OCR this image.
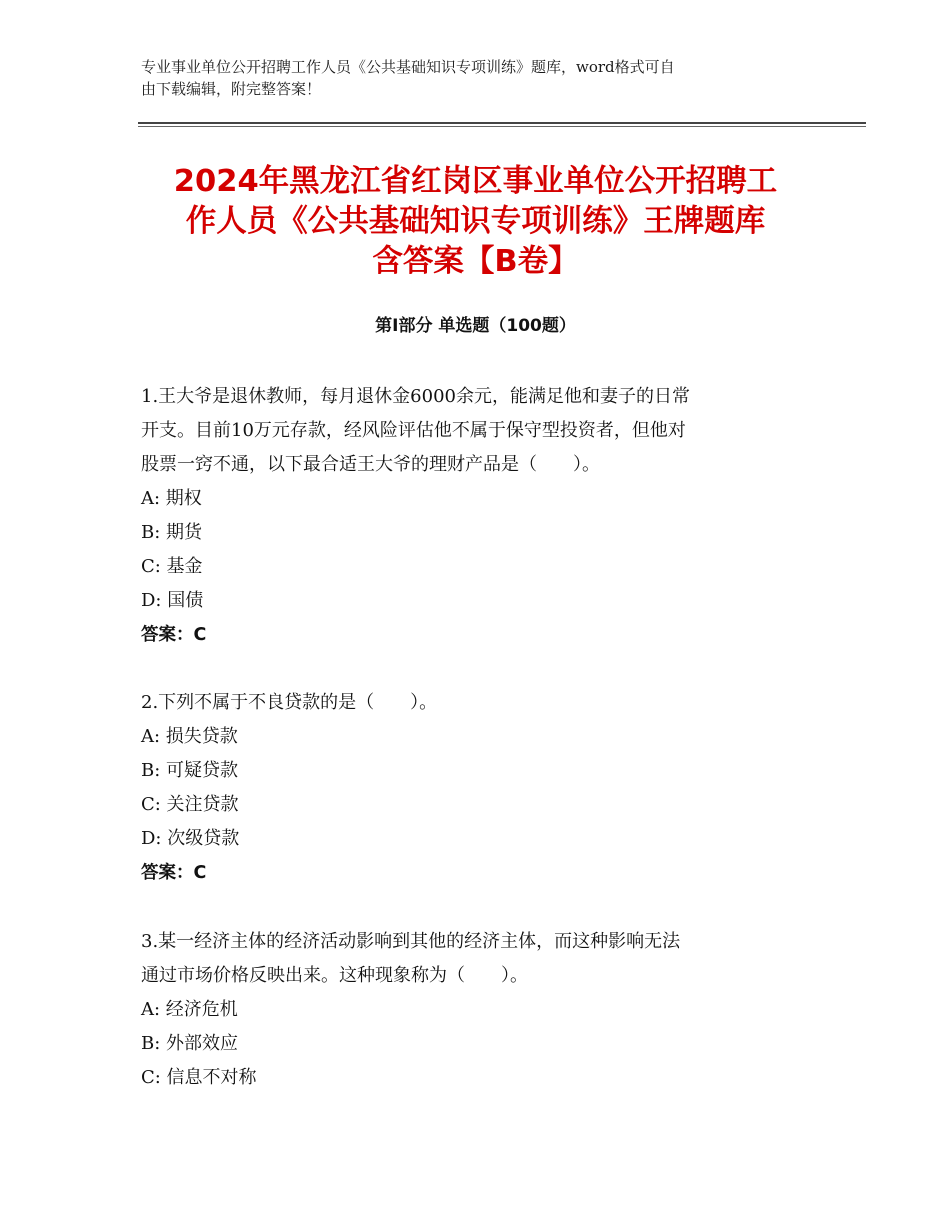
专业事业单位公开招聘工作人员《公共基础知识专项训练》题库，word格式可自
由下载编辑，附完整答案！
2024年黑龙江省红岗区事业单位公开招聘工
作人员《公共基础知识专项训练》王牌题库
含答案【B卷】
第Ⅰ部分 单选题（100题）
1.王大爷是退休教师，每月退休金6000余元，能满足他和妻子的日常
开支。目前10万元存款，经风险评估他不属于保守型投资者，但他对
股票一窍不通，以下最合适王大爷的理财产品是（　　）。
A: 期权
B: 期货
C: 基金
D: 国债
答案：C
2.下列不属于不良贷款的是（　　）。
A: 损失贷款
B: 可疑贷款
C: 关注贷款
D: 次级贷款
答案：C
3.某一经济主体的经济活动影响到其他的经济主体，而这种影响无法
通过市场价格反映出来。这种现象称为（　　）。
A: 经济危机
B: 外部效应
C: 信息不对称
